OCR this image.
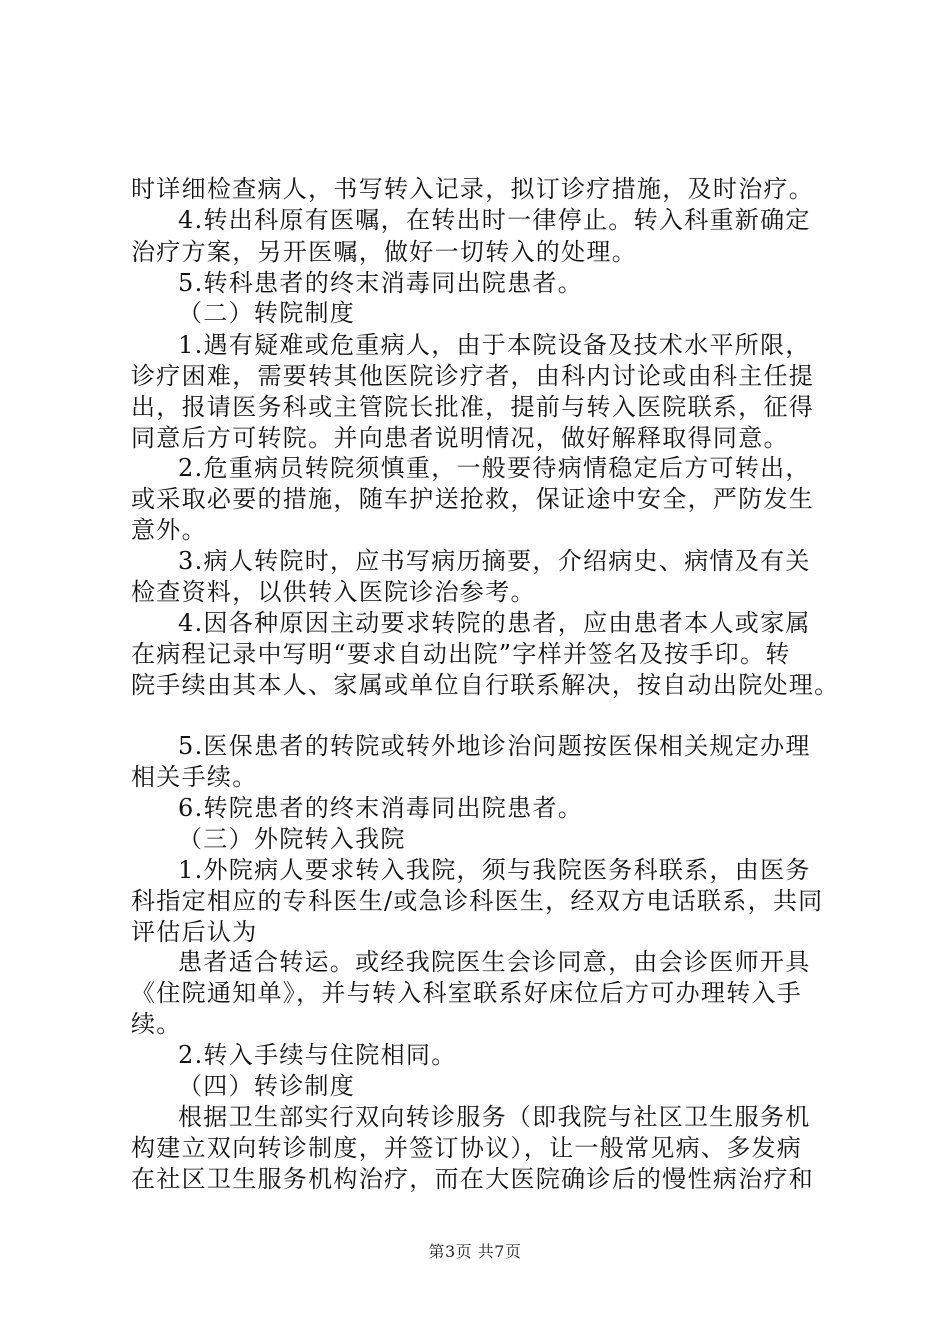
时详细检查病人，书写转入记录，拟订诊疗措施，及时治疗。
4.转出科原有医嘱，在转出时一律停止。转入科重新确定
治疗方案，另开医嘱，做好一切转入的处理。
5.转科患者的终末消毒同出院患者。
（二）转院制度
1.遇有疑难或危重病人，由于本院设备及技术水平所限，
诊疗困难，需要转其他医院诊疗者，由科内讨论或由科主任提
出，报请医务科或主管院长批准，提前与转入医院联系，征得
同意后方可转院。并向患者说明情况，做好解释取得同意。
2.危重病员转院须慎重，一般要待病情稳定后方可转出，
或采取必要的措施，随车护送抢救，保证途中安全，严防发生
意外。
3.病人转院时，应书写病历摘要，介绍病史、病情及有关
检查资料，以供转入医院诊治参考。
4.因各种原因主动要求转院的患者，应由患者本人或家属
在病程记录中写明“要求自动出院”字样并签名及按手印。转
院手续由其本人、家属或单位自行联系解决，按自动出院处理。
5.医保患者的转院或转外地诊治问题按医保相关规定办理
相关手续。
6.转院患者的终末消毒同出院患者。
（三）外院转入我院
1.外院病人要求转入我院，须与我院医务科联系，由医务
科指定相应的专科医生/或急诊科医生，经双方电话联系，共同
评估后认为
患者适合转运。或经我院医生会诊同意，由会诊医师开具
《住院通知单》，并与转入科室联系好床位后方可办理转入手
续。
2.转入手续与住院相同。
（四）转诊制度
根据卫生部实行双向转诊服务（即我院与社区卫生服务机
构建立双向转诊制度，并签订协议），让一般常见病、多发病
在社区卫生服务机构治疗，而在大医院确诊后的慢性病治疗和
第3页 共7页
